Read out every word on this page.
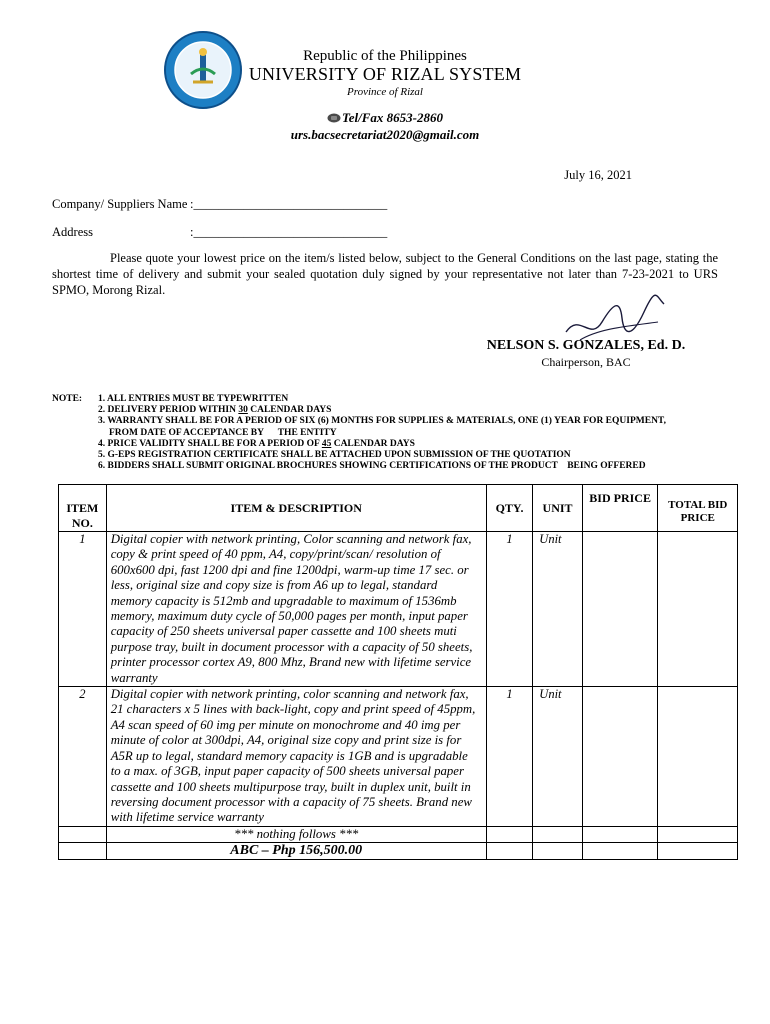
Republic of the Philippines
UNIVERSITY OF RIZAL SYSTEM
Province of Rizal
Tel/Fax 8653-2860
urs.bacsecretariat2020@gmail.com
July 16, 2021
Company/ Suppliers Name :_______________________________
Address	:_______________________________
Please quote your lowest price on the item/s listed below, subject to the General Conditions on the last page, stating the shortest time of delivery and submit your sealed quotation duly signed by your representative not later than 7-23-2021 to URS SPMO, Morong Rizal.
NELSON S. GONZALES, Ed. D.
Chairperson, BAC
NOTE: 1. ALL ENTRIES MUST BE TYPEWRITTEN
2. DELIVERY PERIOD WITHIN 30 CALENDAR DAYS
3. WARRANTY SHALL BE FOR A PERIOD OF SIX (6) MONTHS FOR SUPPLIES & MATERIALS, ONE (1) YEAR FOR EQUIPMENT,
FROM DATE OF ACCEPTANCE BY      THE ENTITY
4. PRICE VALIDITY SHALL BE FOR A PERIOD OF 45 CALENDAR DAYS
5. G-EPS REGISTRATION CERTIFICATE SHALL BE ATTACHED UPON SUBMISSION OF THE QUOTATION
6. BIDDERS SHALL SUBMIT ORIGINAL BROCHURES SHOWING CERTIFICATIONS OF THE PRODUCT    BEING OFFERED
ITEM NO.	ITEM & DESCRIPTION	QTY.	UNIT	BID PRICE	TOTAL BID PRICE
1	Digital copier with network printing, Color scanning and network fax, copy & print speed of 40 ppm, A4, copy/print/scan/ resolution of 600x600 dpi, fast 1200 dpi and fine 1200dpi, warm-up time 17 sec. or less, original size and copy size is from A6 up to legal, standard memory capacity is 512mb and upgradable to maximum of 1536mb memory, maximum duty cycle of 50,000 pages per month, input paper capacity of 250 sheets universal paper cassette and 100 sheets muti purpose tray, built in document processor with a capacity of 50 sheets, printer processor cortex A9, 800 Mhz, Brand new with lifetime service warranty	1	Unit		
2	Digital copier with network printing, color scanning and network fax, 21 characters x 5 lines with back-light, copy and print speed of 45ppm, A4 scan speed of 60 img per minute on monochrome and 40 img per minute of color at 300dpi, A4, original size copy and print size is for A5R up to legal, standard memory capacity is 1GB and is upgradable to a max. of 3GB, input paper capacity of 500 sheets universal paper cassette and 100 sheets multipurpose tray, built in duplex unit, built in reversing document processor with a capacity of 75 sheets. Brand new with lifetime service warranty	1	Unit		
	*** nothing follows ***				
	ABC – Php 156,500.00				
